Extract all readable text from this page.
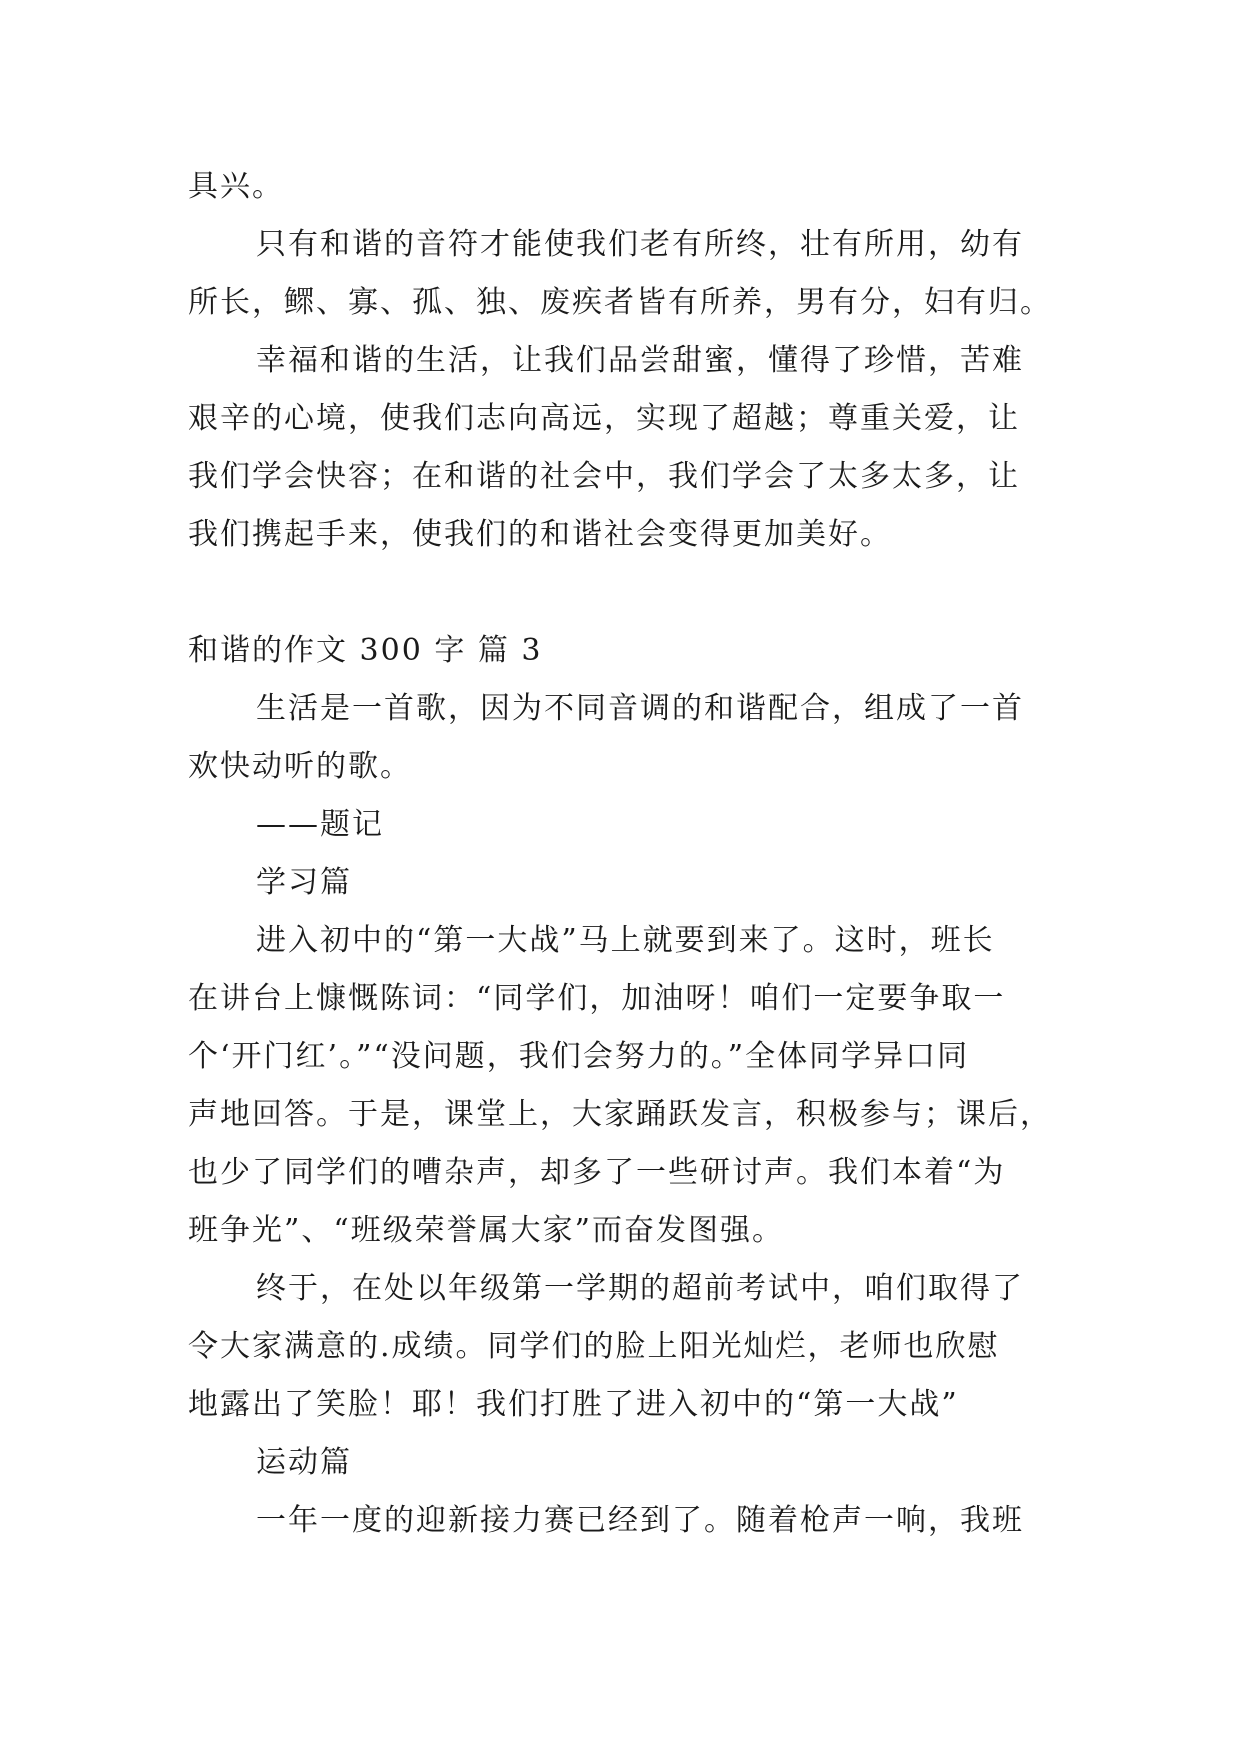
具兴。
只有和谐的音符才能使我们老有所终，壮有所用，幼有
所长，鳏、寡、孤、独、废疾者皆有所养，男有分，妇有归。
幸福和谐的生活，让我们品尝甜蜜，懂得了珍惜，苦难
艰辛的心境，使我们志向高远，实现了超越；尊重关爱，让
我们学会快容；在和谐的社会中，我们学会了太多太多，让
我们携起手来，使我们的和谐社会变得更加美好。
和谐的作文 300 字 篇 3
生活是一首歌，因为不同音调的和谐配合，组成了一首
欢快动听的歌。
——题记
学习篇
进入初中的“第一大战”马上就要到来了。这时，班长
在讲台上慷慨陈词：“同学们，加油呀！咱们一定要争取一
个‘开门红’。”“没问题，我们会努力的。”全体同学异口同
声地回答。于是，课堂上，大家踊跃发言，积极参与；课后，
也少了同学们的嘈杂声，却多了一些研讨声。我们本着“为
班争光”、“班级荣誉属大家”而奋发图强。
终于，在处以年级第一学期的超前考试中，咱们取得了
令大家满意的.成绩。同学们的脸上阳光灿烂，老师也欣慰
地露出了笑脸！耶！我们打胜了进入初中的“第一大战”
运动篇
一年一度的迎新接力赛已经到了。随着枪声一响，我班
